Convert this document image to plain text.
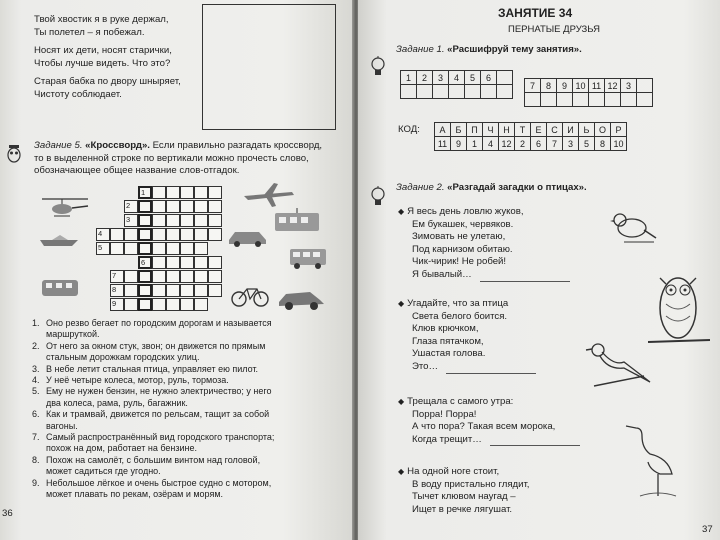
Твой хвостик я в руке держал,
Ты полетел – я побежал.
Носят их дети, носят старички,
Чтобы лучше видеть. Что это?
Старая бабка по двору шныряет,
Чистоту соблюдает.
Задание 5. «Кроссворд». Если правильно разгадать кроссворд,
то в выделенной строке по вертикали можно прочесть слово,
обозначающее общее название слов-отгадок.
1
2
3
4
5
6
7
8
9
1. Оно резво бегает по городским дорогам и называется
маршруткой.
2. От него за окном стук, звон; он движется по прямым
стальным дорожкам городских улиц.
3. В небе летит стальная птица, управляет ею пилот.
4. У неё четыре колеса, мотор, руль, тормоза.
5. Ему не нужен бензин, не нужно электричество; у него
два колеса, рама, руль, багажник.
6. Как и трамвай, движется по рельсам, тащит за собой
вагоны.
7. Самый распространённый вид городского транспорта;
похож на дом, работает на бензине.
8. Похож на самолёт, с большим винтом над головой,
может садиться где угодно.
9. Небольшое лёгкое и очень быстрое судно с мотором,
может плавать по рекам, озёрам и морям.
36
ЗАНЯТИЕ 34
ПЕРНАТЫЕ ДРУЗЬЯ
Задание 1. «Расшифруй тему занятия».
1	2	3	4	5	6	

7	8	9	10	11	12	3	

КОД: А	Б	П	Ч	Н	Т	Е	С	И	Ь	О	Р
11	9	1	4	12	2	6	7	3	5	8	10
Задание 2. «Разгадай загадки о птицах».
◆ Я весь день ловлю жуков,
Ем букашек, червяков.
Зимовать не улетаю,
Под карнизом обитаю.
Чик-чирик! Не робей!
Я бывалый…
◆ Угадайте, что за птица
Света белого боится.
Клюв крючком,
Глаза пятачком,
Ушастая голова.
Это…
◆ Трещала с самого утра:
Порра! Порра!
А что пора? Такая всем морока,
Когда трещит…
◆ На одной ноге стоит,
В воду пристально глядит,
Тычет клювом наугад –
Ищет в речке лягушат.
37
